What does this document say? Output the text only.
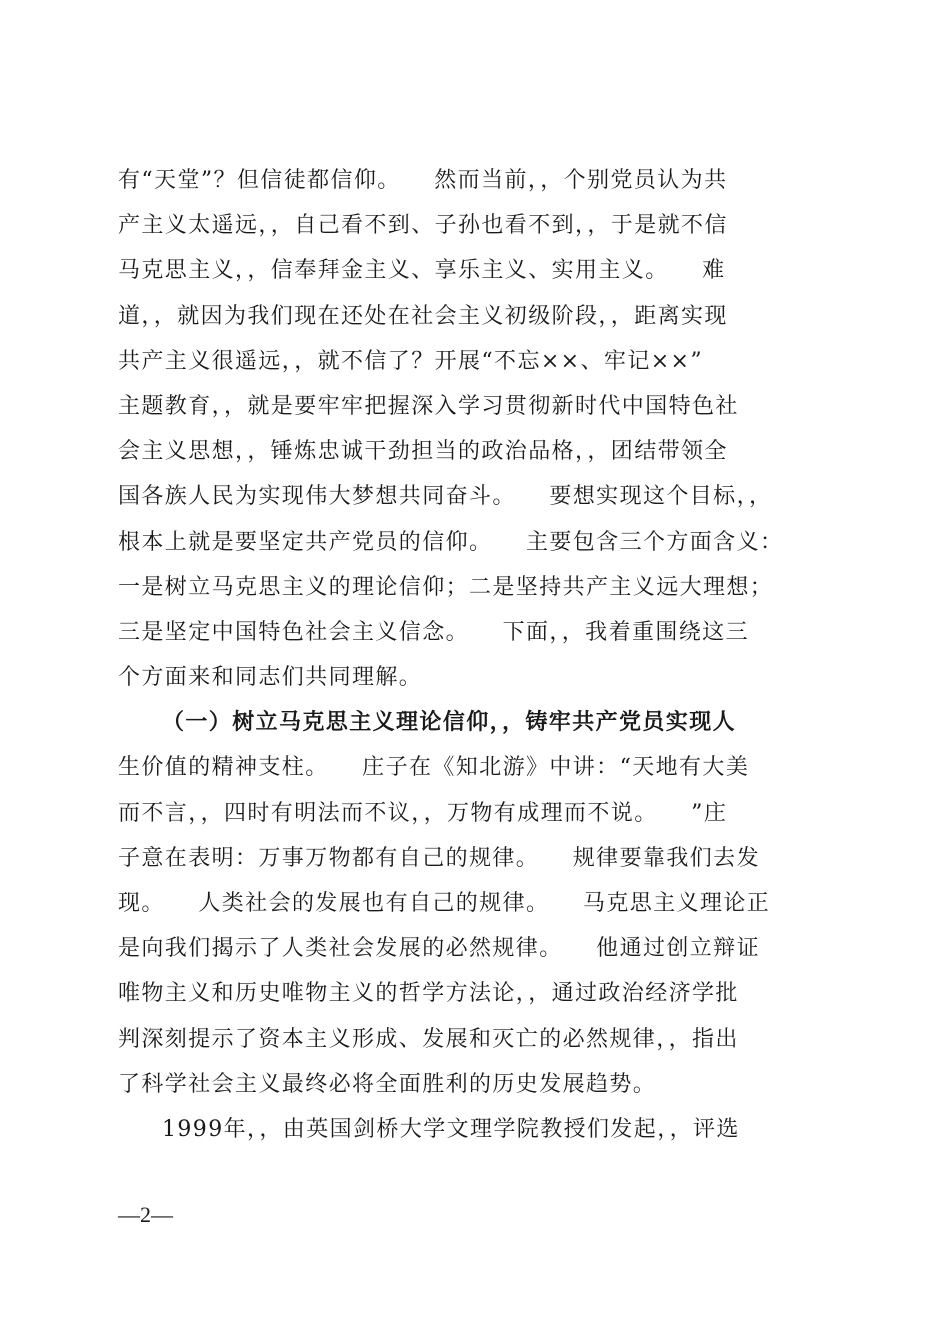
有“天堂”？但信徒都信仰。    然而当前，，个别党员认为共
产主义太遥远，，自己看不到、子孙也看不到，，于是就不信
马克思主义，，信奉拜金主义、享乐主义、实用主义。    难
道，，就因为我们现在还处在社会主义初级阶段，，距离实现
共产主义很遥远，，就不信了？开展“不忘××、牢记××”
主题教育，，就是要牢牢把握深入学习贯彻新时代中国特色社
会主义思想，，锤炼忠诚干劲担当的政治品格，，团结带领全
国各族人民为实现伟大梦想共同奋斗。    要想实现这个目标，，
根本上就是要坚定共产党员的信仰。    主要包含三个方面含义：
一是树立马克思主义的理论信仰；二是坚持共产主义远大理想；
三是坚定中国特色社会主义信念。    下面，，我着重围绕这三
个方面来和同志们共同理解。
（一）树立马克思主义理论信仰，，铸牢共产党员实现人
生价值的精神支柱。    庄子在《知北游》中讲：“天地有大美
而不言，，四时有明法而不议，，万物有成理而不说。    ”庄
子意在表明：万事万物都有自己的规律。    规律要靠我们去发
现。    人类社会的发展也有自己的规律。    马克思主义理论正
是向我们揭示了人类社会发展的必然规律。    他通过创立辩证
唯物主义和历史唯物主义的哲学方法论，，通过政治经济学批
判深刻提示了资本主义形成、发展和灭亡的必然规律，，指出
了科学社会主义最终必将全面胜利的历史发展趋势。
1999年，，由英国剑桥大学文理学院教授们发起，，评选
—2—
